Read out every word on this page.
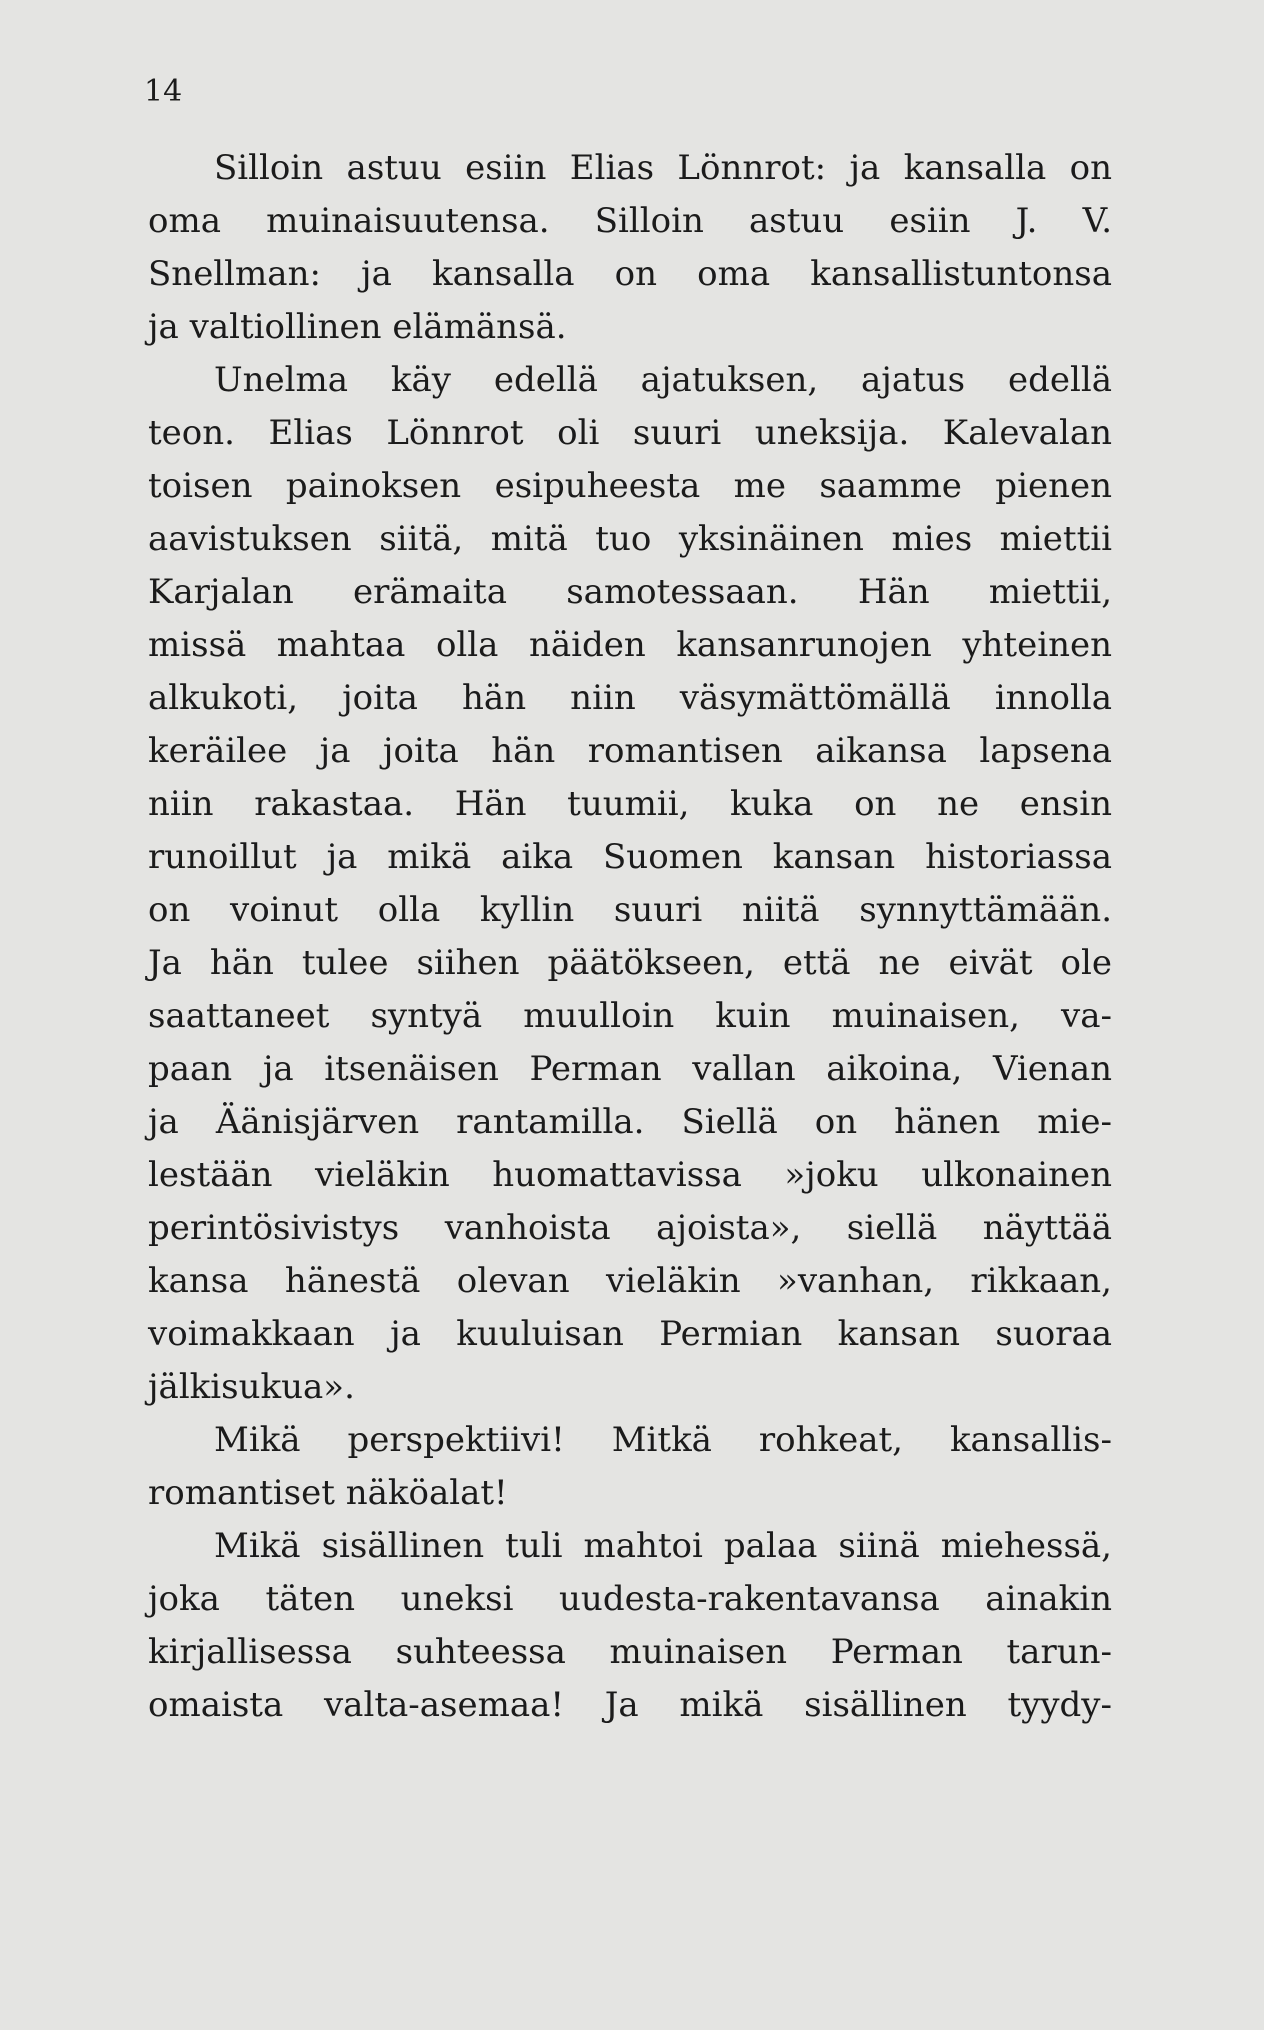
14
Silloin astuu esiin Elias Lönnrot: ja kansalla on
oma muinaisuutensa. Silloin astuu esiin J. V.
Snellman: ja kansalla on oma kansallistuntonsa
ja valtiollinen elämänsä.
Unelma käy edellä ajatuksen, ajatus edellä
teon. Elias Lönnrot oli suuri uneksija. Kalevalan
toisen painoksen esipuheesta me saamme pienen
aavistuksen siitä, mitä tuo yksinäinen mies miettii
Karjalan erämaita samotessaan. Hän miettii,
missä mahtaa olla näiden kansanrunojen yhteinen
alkukoti, joita hän niin väsymättömällä innolla
keräilee ja joita hän romantisen aikansa lapsena
niin rakastaa. Hän tuumii, kuka on ne ensin
runoillut ja mikä aika Suomen kansan historiassa
on voinut olla kyllin suuri niitä synnyttämään.
Ja hän tulee siihen päätökseen, että ne eivät ole
saattaneet syntyä muulloin kuin muinaisen, va-
paan ja itsenäisen Perman vallan aikoina, Vienan
ja Äänisjärven rantamilla. Siellä on hänen mie-
lestään vieläkin huomattavissa »joku ulkonainen
perintösivistys vanhoista ajoista», siellä näyttää
kansa hänestä olevan vieläkin »vanhan, rikkaan,
voimakkaan ja kuuluisan Permian kansan suoraa
jälkisukua».
Mikä perspektiivi! Mitkä rohkeat, kansallis-
romantiset näköalat!
Mikä sisällinen tuli mahtoi palaa siinä miehessä,
joka täten uneksi uudesta-rakentavansa ainakin
kirjallisessa suhteessa muinaisen Perman tarun-
omaista valta-asemaa! Ja mikä sisällinen tyydy-
